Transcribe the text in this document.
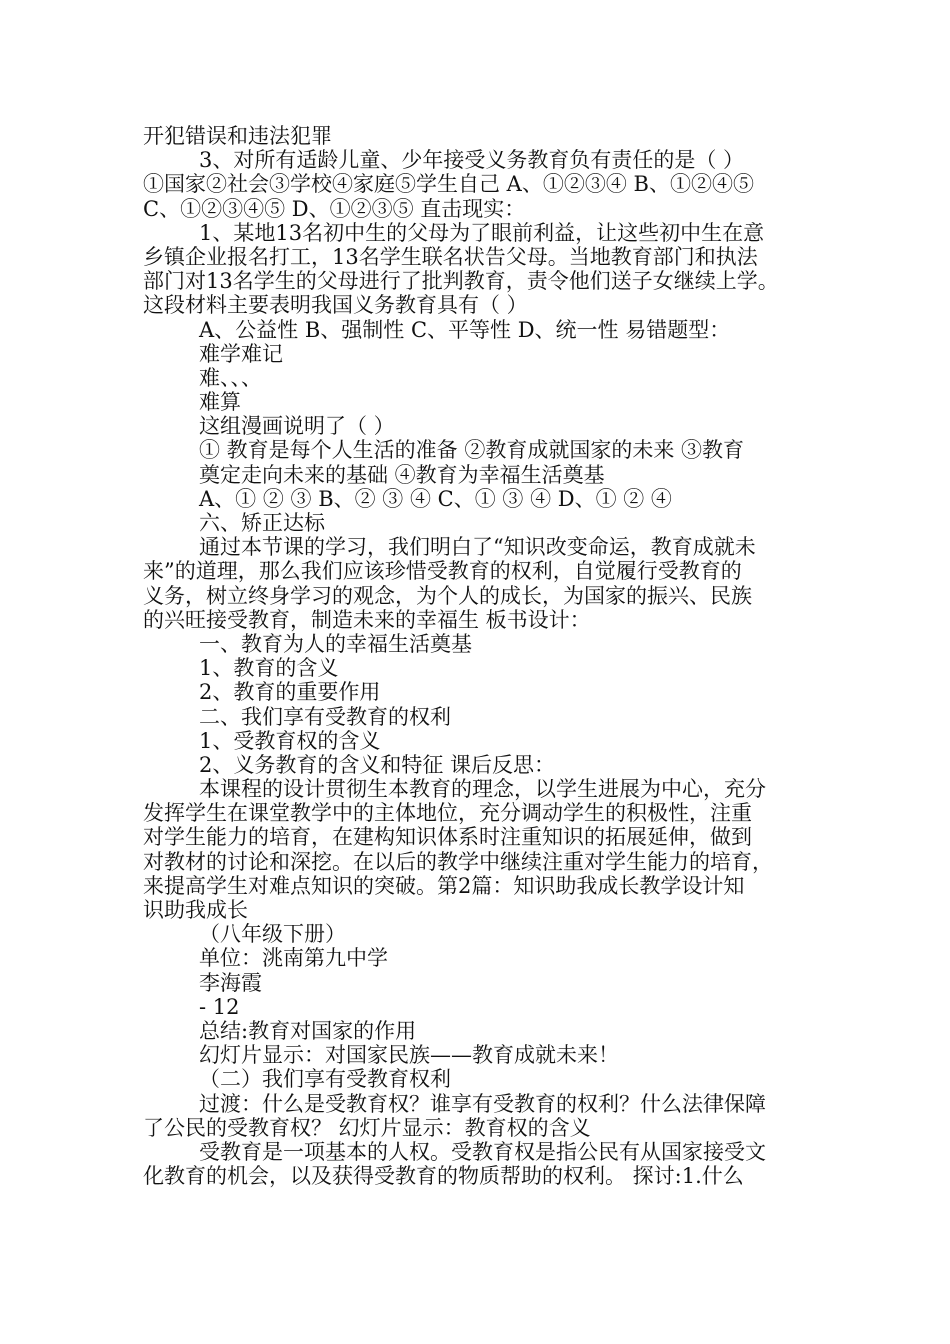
开犯错误和违法犯罪
3、对所有适龄儿童、少年接受义务教育负有责任的是（ ）
①国家②社会③学校④家庭⑤学生自己 A、①②③④ B、①②④⑤
C、①②③④⑤ D、①②③⑤ 直击现实：
1、某地13名初中生的父母为了眼前利益，让这些初中生在意
乡镇企业报名打工，13名学生联名状告父母。当地教育部门和执法
部门对13名学生的父母进行了批判教育，责令他们送子女继续上学。
这段材料主要表明我国义务教育具有（ ）
A、公益性 B、强制性 C、平等性 D、统一性 易错题型：
难学难记
难、、、
难算
这组漫画说明了（ ）
① 教育是每个人生活的准备 ②教育成就国家的未来 ③教育
奠定走向未来的基础 ④教育为幸福生活奠基
A、① ② ③ B、② ③ ④ C、① ③ ④ D、① ② ④
六、矫正达标
通过本节课的学习，我们明白了“知识改变命运，教育成就未
来”的道理，那么我们应该珍惜受教育的权利，自觉履行受教育的
义务，树立终身学习的观念，为个人的成长，为国家的振兴、民族
的兴旺接受教育，制造未来的幸福生 板书设计：
一、教育为人的幸福生活奠基
1、教育的含义
2、教育的重要作用
二、我们享有受教育的权利
1、受教育权的含义
2、义务教育的含义和特征 课后反思：
本课程的设计贯彻生本教育的理念，以学生进展为中心，充分
发挥学生在课堂教学中的主体地位，充分调动学生的积极性，注重
对学生能力的培育，在建构知识体系时注重知识的拓展延伸，做到
对教材的讨论和深挖。在以后的教学中继续注重对学生能力的培育，
来提高学生对难点知识的突破。第2篇：知识助我成长教学设计知
识助我成长
（八年级下册）
单位：洮南第九中学
李海霞
- 12
总结:教育对国家的作用
幻灯片显示：对国家民族——教育成就未来！
（二）我们享有受教育权利
过渡：什么是受教育权？谁享有受教育的权利？什么法律保障
了公民的受教育权？ 幻灯片显示：教育权的含义
受教育是一项基本的人权。受教育权是指公民有从国家接受文
化教育的机会，以及获得受教育的物质帮助的权利。 探讨:1.什么
